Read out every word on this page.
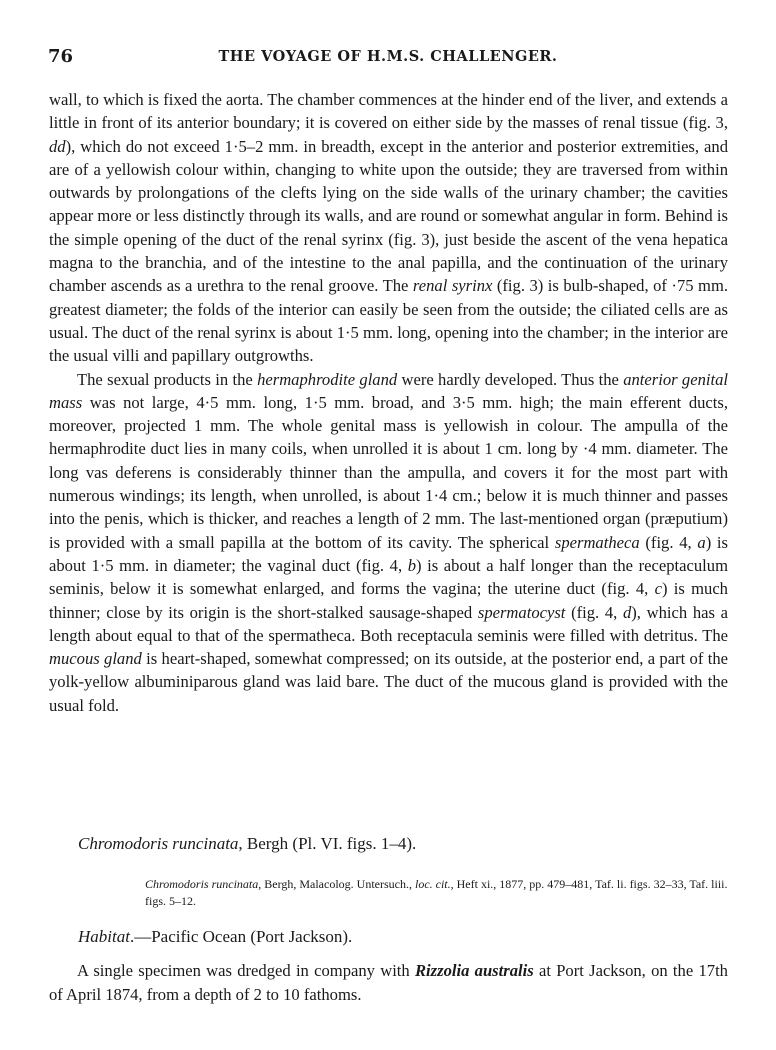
76	THE VOYAGE OF H.M.S. CHALLENGER.

wall, to which is fixed the aorta. The chamber commences at the hinder end of the liver, and extends a little in front of its anterior boundary; it is covered on either side by the masses of renal tissue (fig. 3, dd), which do not exceed 1·5–2 mm. in breadth, except in the anterior and posterior extremities, and are of a yellowish colour within, changing to white upon the outside; they are traversed from within outwards by prolongations of the clefts lying on the side walls of the urinary chamber; the cavities appear more or less distinctly through its walls, and are round or somewhat angular in form. Behind is the simple opening of the duct of the renal syrinx (fig. 3), just beside the ascent of the vena hepatica magna to the branchia, and of the intestine to the anal papilla, and the continuation of the urinary chamber ascends as a urethra to the renal groove. The renal syrinx (fig. 3) is bulb-shaped, of ·75 mm. greatest diameter; the folds of the interior can easily be seen from the outside; the ciliated cells are as usual. The duct of the renal syrinx is about 1·5 mm. long, opening into the chamber; in the interior are the usual villi and papillary outgrowths.

The sexual products in the hermaphrodite gland were hardly developed. Thus the anterior genital mass was not large, 4·5 mm. long, 1·5 mm. broad, and 3·5 mm. high; the main efferent ducts, moreover, projected 1 mm. The whole genital mass is yellowish in colour. The ampulla of the hermaphrodite duct lies in many coils, when unrolled it is about 1 cm. long by ·4 mm. diameter. The long vas deferens is considerably thinner than the ampulla, and covers it for the most part with numerous windings; its length, when unrolled, is about 1·4 cm.; below it is much thinner and passes into the penis, which is thicker, and reaches a length of 2 mm. The last-mentioned organ (præputium) is provided with a small papilla at the bottom of its cavity. The spherical spermatheca (fig. 4, a) is about 1·5 mm. in diameter; the vaginal duct (fig. 4, b) is about a half longer than the receptaculum seminis, below it is somewhat enlarged, and forms the vagina; the uterine duct (fig. 4, c) is much thinner; close by its origin is the short-stalked sausage-shaped spermatocyst (fig. 4, d), which has a length about equal to that of the spermatheca. Both receptacula seminis were filled with detritus. The mucous gland is heart-shaped, somewhat compressed; on its outside, at the posterior end, a part of the yolk-yellow albuminiparous gland was laid bare. The duct of the mucous gland is provided with the usual fold.

Chromodoris runcinata, Bergh (Pl. VI. figs. 1–4).
Chromodoris runcinata, Bergh, Malacolog. Untersuch., loc. cit., Heft xi., 1877, pp. 479–481, Taf. li. figs. 32–33, Taf. liii. figs. 5–12.
Habitat.—Pacific Ocean (Port Jackson).

A single specimen was dredged in company with Rizzolia australis at Port Jackson, on the 17th of April 1874, from a depth of 2 to 10 fathoms.
